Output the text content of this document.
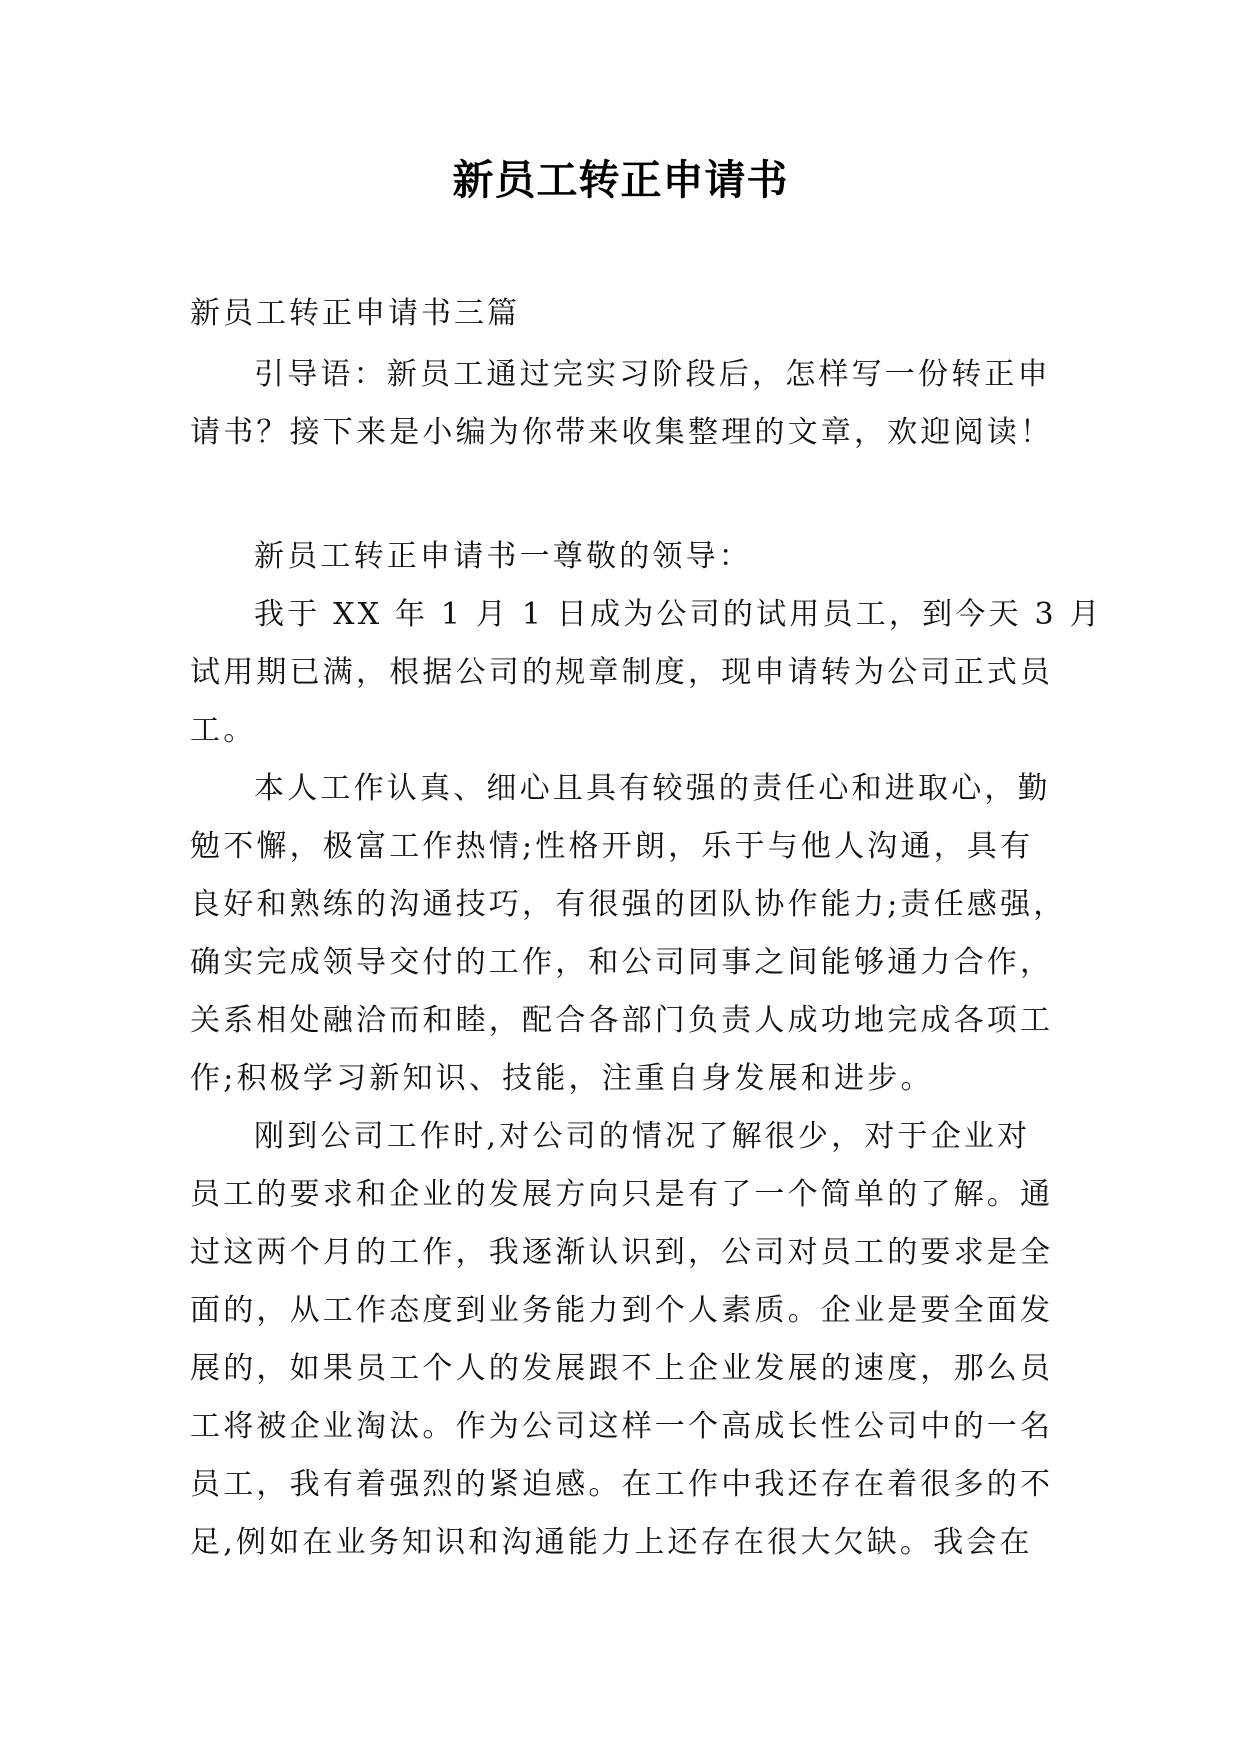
新员工转正申请书
新员工转正申请书三篇
引导语：新员工通过完实习阶段后，怎样写一份转正申
请书？接下来是小编为你带来收集整理的文章，欢迎阅读！
新员工转正申请书一尊敬的领导：
我于 XX 年 1 月 1 日成为公司的试用员工，到今天 3 月
试用期已满，根据公司的规章制度，现申请转为公司正式员
工。
本人工作认真、细心且具有较强的责任心和进取心，勤
勉不懈，极富工作热情;性格开朗，乐于与他人沟通，具有
良好和熟练的沟通技巧，有很强的团队协作能力;责任感强，
确实完成领导交付的工作，和公司同事之间能够通力合作，
关系相处融洽而和睦，配合各部门负责人成功地完成各项工
作;积极学习新知识、技能，注重自身发展和进步。
刚到公司工作时,对公司的情况了解很少，对于企业对
员工的要求和企业的发展方向只是有了一个简单的了解。通
过这两个月的工作，我逐渐认识到，公司对员工的要求是全
面的，从工作态度到业务能力到个人素质。企业是要全面发
展的，如果员工个人的发展跟不上企业发展的速度，那么员
工将被企业淘汰。作为公司这样一个高成长性公司中的一名
员工，我有着强烈的紧迫感。在工作中我还存在着很多的不
足,例如在业务知识和沟通能力上还存在很大欠缺。我会在
